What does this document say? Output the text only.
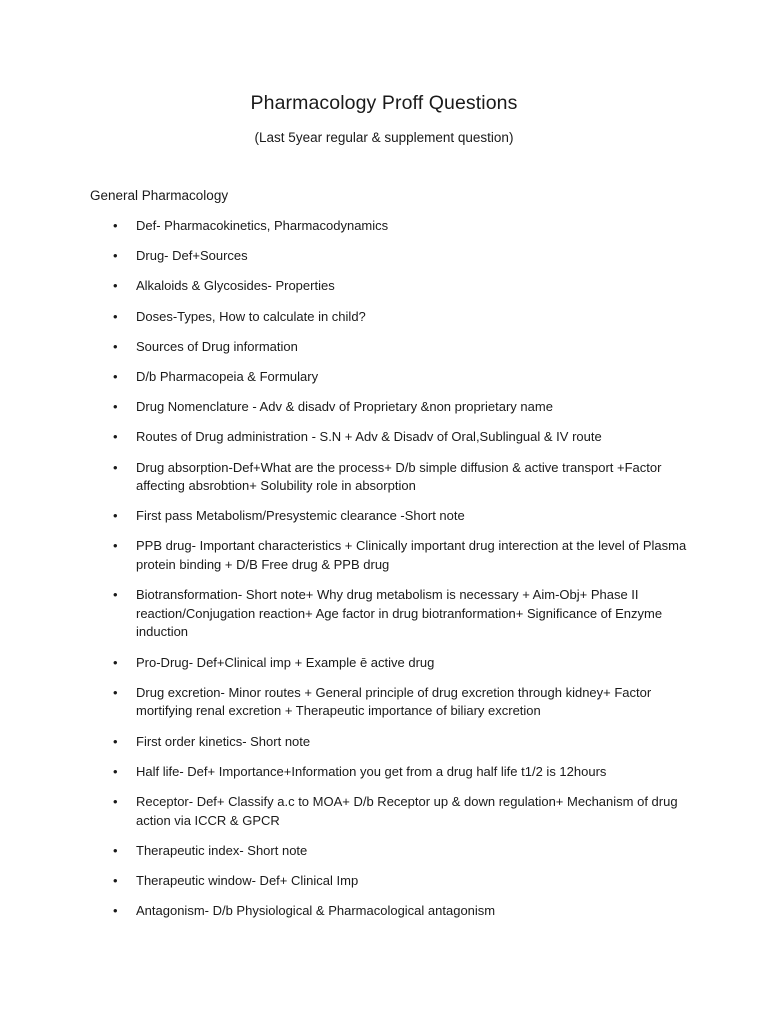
Pharmacology Proff Questions

(Last 5year regular & supplement question)

General Pharmacology

• Def- Pharmacokinetics, Pharmacodynamics
• Drug- Def+Sources
• Alkaloids & Glycosides- Properties
• Doses-Types, How to calculate in child?
• Sources of Drug information
• D/b Pharmacopeia & Formulary
• Drug Nomenclature - Adv & disadv of Proprietary &non proprietary name
• Routes of Drug administration - S.N + Adv & Disadv of Oral,Sublingual & IV route
• Drug absorption-Def+What are the process+ D/b simple diffusion & active transport +Factor affecting absrobtion+ Solubility role in absorption
• First pass Metabolism/Presystemic clearance -Short note
• PPB drug- Important characteristics + Clinically important drug interection at the level of Plasma protein binding + D/B Free drug & PPB drug
• Biotransformation- Short note+ Why drug metabolism is necessary + Aim-Obj+ Phase II reaction/Conjugation reaction+ Age factor in drug biotranformation+ Significance of Enzyme induction
• Pro-Drug- Def+Clinical imp + Example ē active drug
• Drug excretion- Minor routes + General principle of drug excretion through kidney+ Factor mortifying renal excretion + Therapeutic importance of biliary excretion
• First order kinetics- Short note
• Half life- Def+ Importance+Information you get from a drug half life t1/2 is 12hours
• Receptor- Def+ Classify a.c to MOA+ D/b Receptor up & down regulation+ Mechanism of drug action via ICCR & GPCR
• Therapeutic index- Short note
• Therapeutic window- Def+ Clinical Imp
• Antagonism- D/b Physiological & Pharmacological antagonism
